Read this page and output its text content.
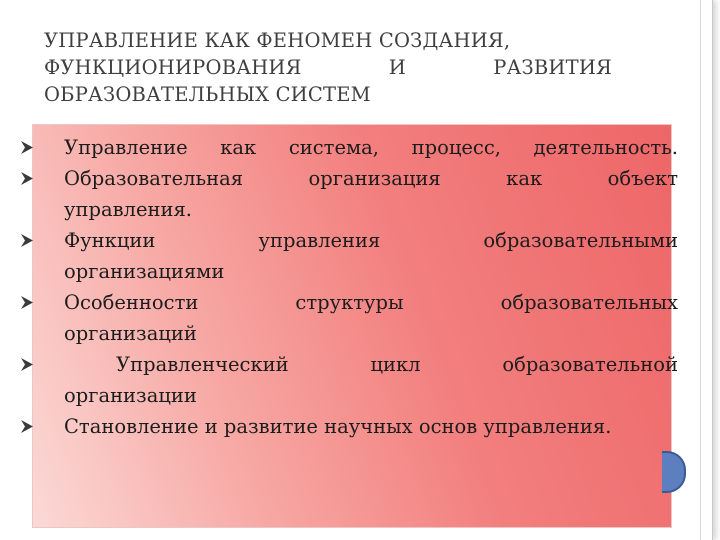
УПРАВЛЕНИЕ КАК ФЕНОМЕН СОЗДАНИЯ,
ФУНКЦИОНИРОВАНИЯ И РАЗВИТИЯ
ОБРАЗОВАТЕЛЬНЫХ СИСТЕМ
Управление как система, процесс, деятельность.
Образовательная организация как объект
управления.
Функции управления образовательными
организациями
Особенности структуры образовательных
организаций
Управленческий цикл образовательной
организации
Становление и развитие научных основ управления.
